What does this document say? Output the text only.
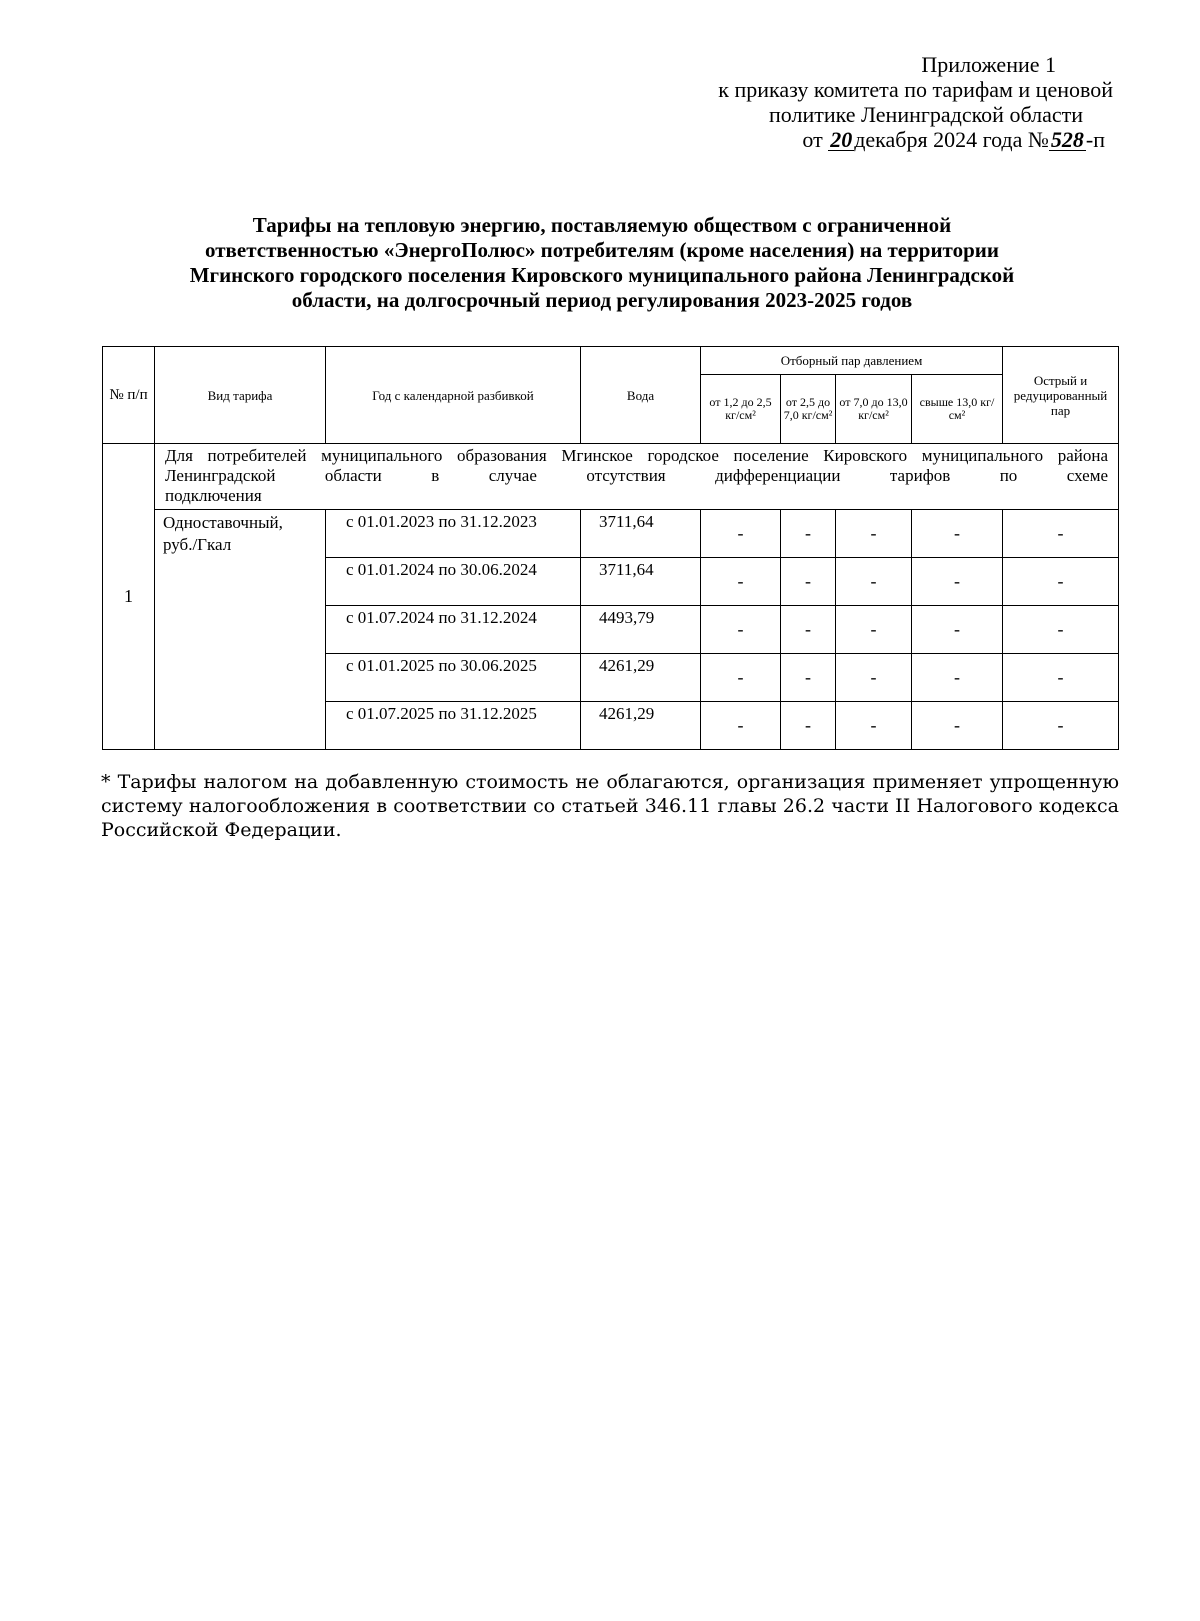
Приложение 1
к приказу комитета по тарифам и ценовой
политике Ленинградской области
от 20декабря 2024 года №528-п
Тарифы на тепловую энергию, поставляемую обществом с ограниченной
ответственностью «ЭнергоПолюс» потребителям (кроме населения) на территории
Мгинского городского поселения Кировского муниципального района Ленинградской
области, на долгосрочный период регулирования 2023-2025 годов
№ п/п	Вид тарифа	Год с календарной разбивкой	Вода	Отборный пар давлением				Острый и редуцированный пар
				от 1,2 до 2,5 кг/см²	от 2,5 до 7,0 кг/см²	от 7,0 до 13,0 кг/см²	свыше 13,0 кг/см²	
1	Для потребителей муниципального образования Мгинское городское поселение Кировского муниципального района Ленинградской области в случае отсутствия дифференциации тарифов по схеме
подключения							

	Одноставочный, руб./Гкал	с 01.01.2023 по 31.12.2023	3711,64	-	-	-	-	-
		с 01.01.2024 по 30.06.2024	3711,64	-	-	-	-	-
		с 01.07.2024 по 31.12.2024	4493,79	-	-	-	-	-
		с 01.01.2025 по 30.06.2025	4261,29	-	-	-	-	-
		с 01.07.2025 по 31.12.2025	4261,29	-	-	-	-	-
* Тарифы налогом на добавленную стоимость не облагаются, организация применяет упрощенную систему налогообложения в соответствии со статьей 346.11 главы 26.2 части II Налогового кодекса Российской Федерации.
